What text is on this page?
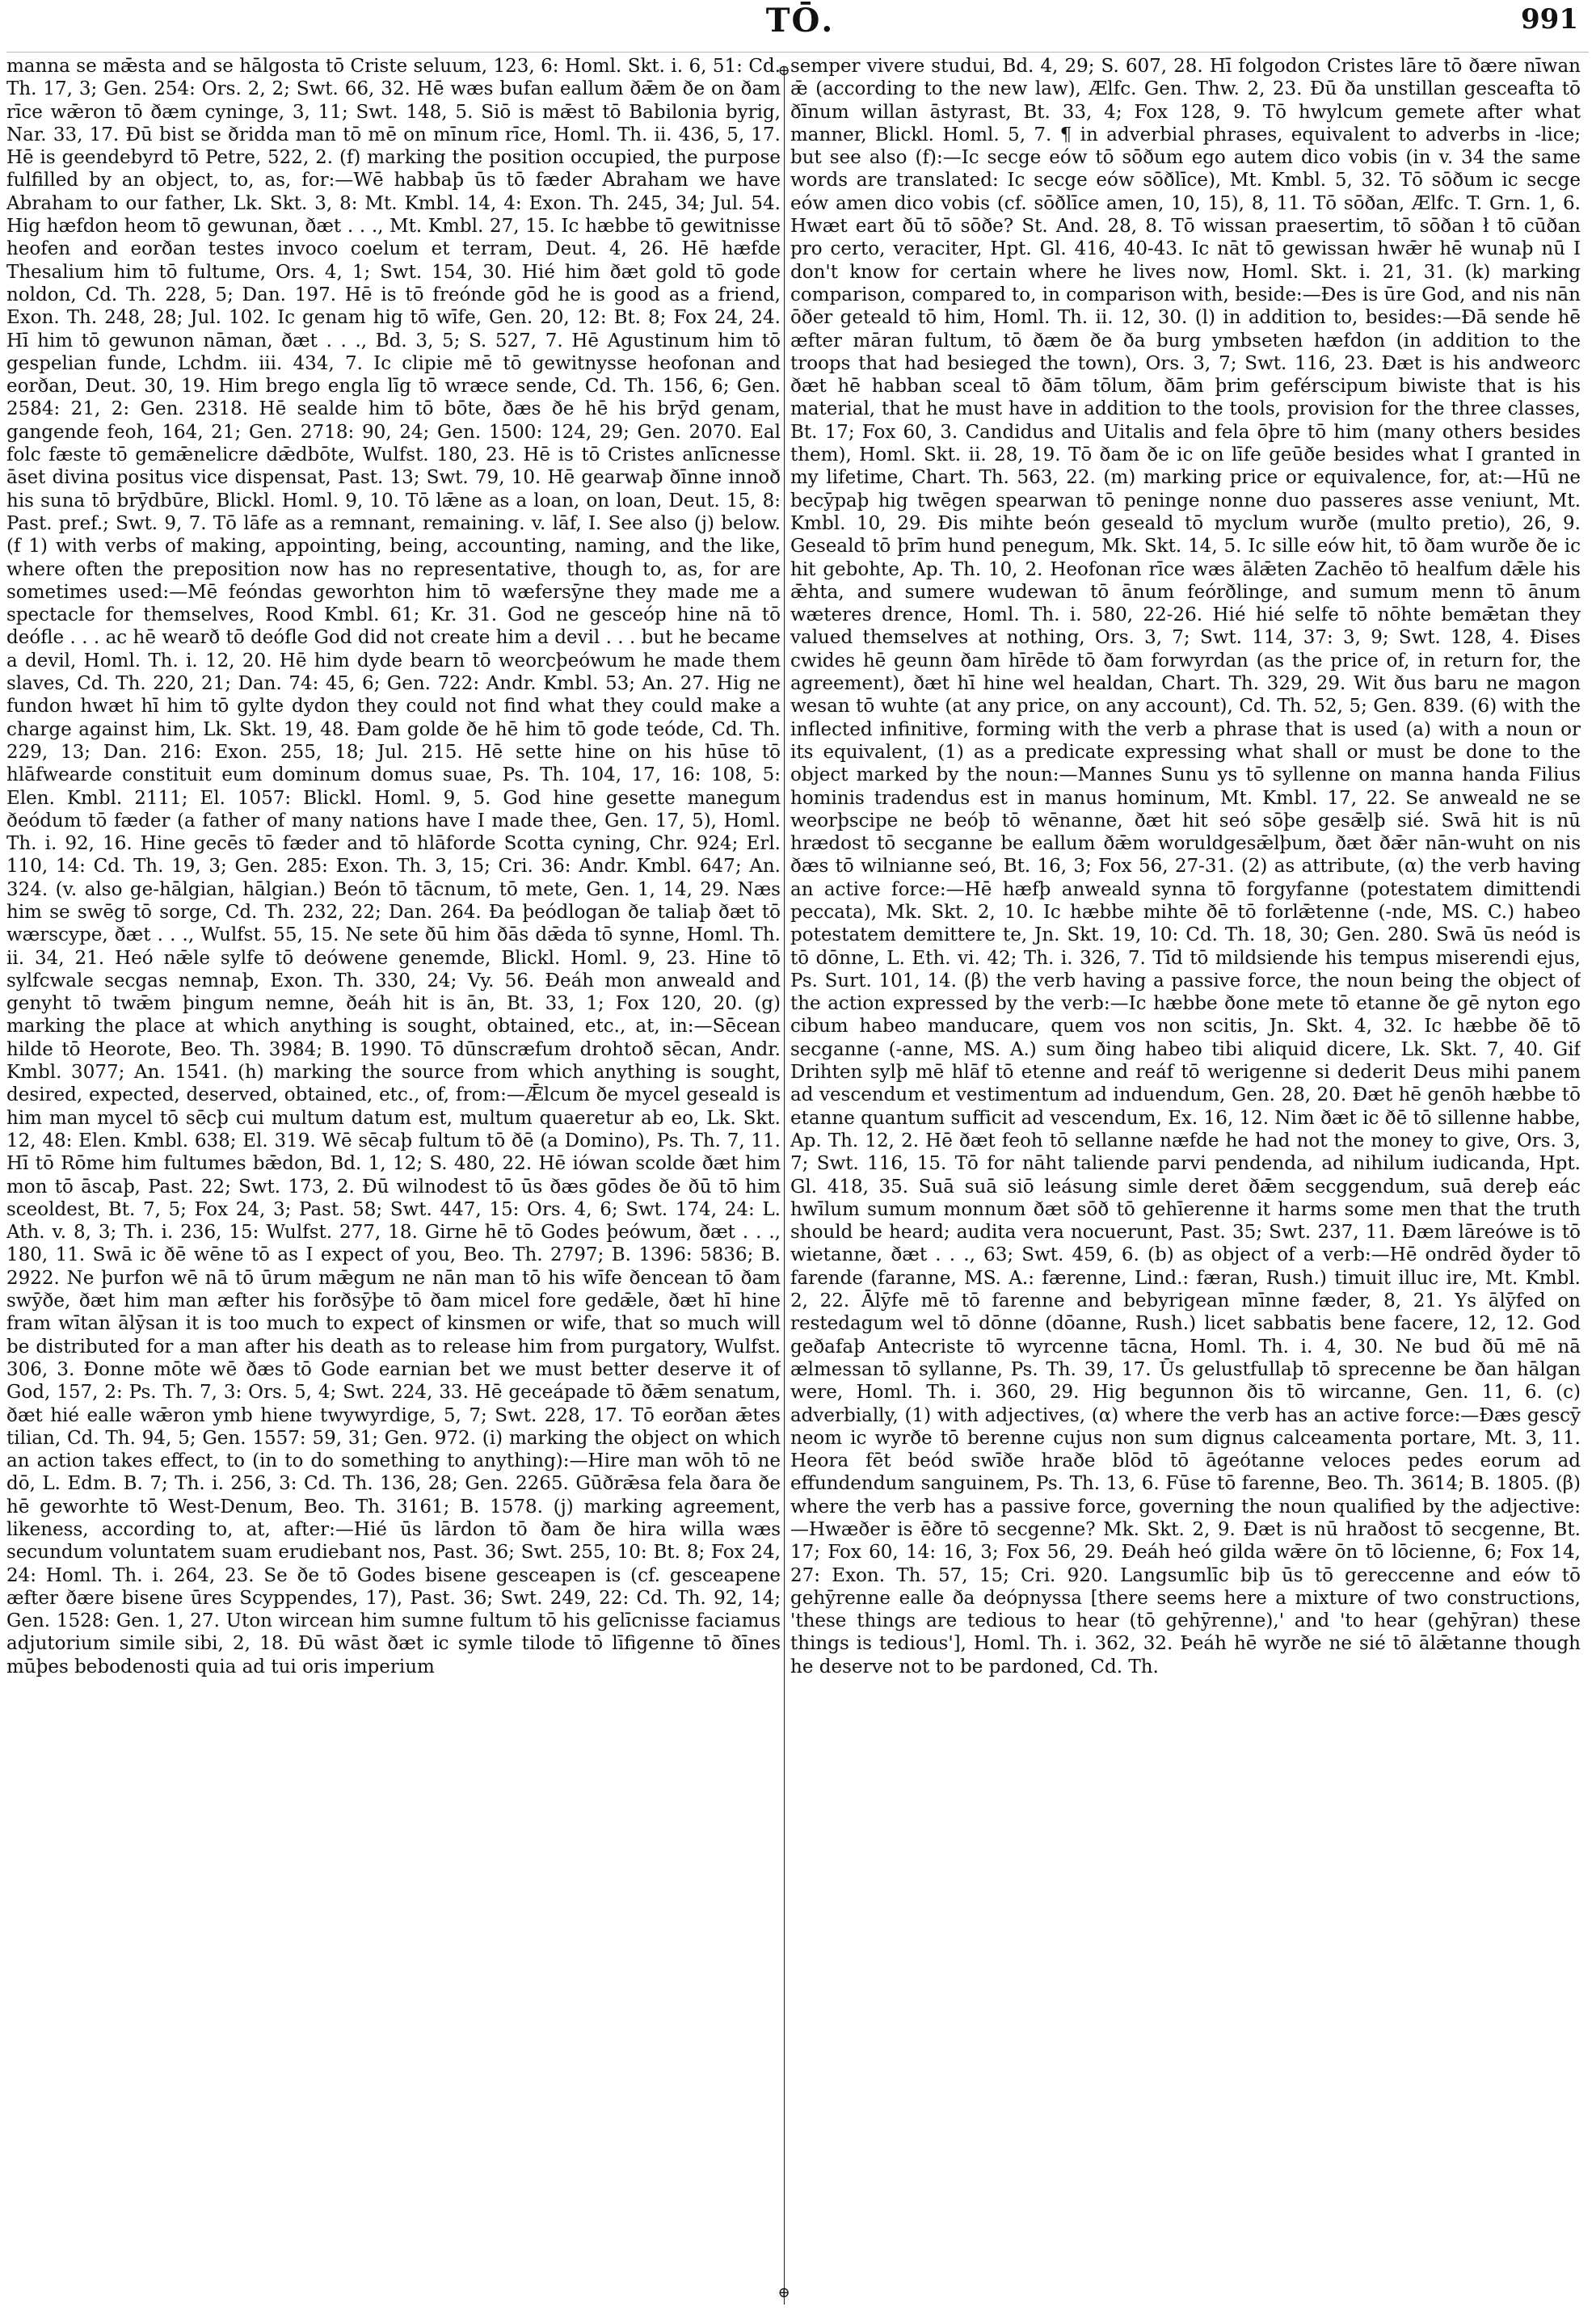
TŌ.	991

manna se mǣsta and se hālgosta tō Criste seluum, 123, 6: Homl. Skt. i. 6, 51: Cd. Th. 17, 3; Gen. 254: Ors. 2, 2; Swt. 66, 32. Hē wæs bufan eallum ðǣm ðe on ðam rīce wǣron tō ðæm cyninge, 3, 11; Swt. 148, 5. Siō is mǣst tō Babilonia byrig, Nar. 33, 17. Ðū bist se ðridda man tō mē on mīnum rīce, Homl. Th. ii. 436, 5, 17. Hē is geendebyrd tō Petre, 522, 2. (f) marking the position occupied, the purpose fulfilled by an object, to, as, for:—Wē habbaþ ūs tō fæder Abraham we have Abraham to our father, Lk. Skt. 3, 8: Mt. Kmbl. 14, 4: Exon. Th. 245, 34; Jul. 54. Hig hæfdon heom tō gewunan, ðæt . . ., Mt. Kmbl. 27, 15. Ic hæbbe tō gewitnisse heofen and eorðan testes invoco coelum et terram, Deut. 4, 26. Hē hæfde Thesalium him tō fultume, Ors. 4, 1; Swt. 154, 30. Hié him ðæt gold tō gode noldon, Cd. Th. 228, 5; Dan. 197. Hē is tō freónde gōd he is good as a friend, Exon. Th. 248, 28; Jul. 102. Ic genam hig tō wīfe, Gen. 20, 12: Bt. 8; Fox 24, 24. Hī him tō gewunon nāman, ðæt . . ., Bd. 3, 5; S. 527, 7. Hē Agustinum him tō gespelian funde, Lchdm. iii. 434, 7. Ic clipie mē tō gewitnysse heofonan and eorðan, Deut. 30, 19. Him brego engla līg tō wræce sende, Cd. Th. 156, 6; Gen. 2584: 21, 2: Gen. 2318. Hē sealde him tō bōte, ðæs ðe hē his brȳd genam, gangende feoh, 164, 21; Gen. 2718: 90, 24; Gen. 1500: 124, 29; Gen. 2070. Eal folc fæste tō gemǣnelicre dǣdbōte, Wulfst. 180, 23. Hē is tō Cristes anlīcnesse āset divina positus vice dispensat, Past. 13; Swt. 79, 10. Hē gearwaþ ðīnne innoð his suna tō brȳdbūre, Blickl. Homl. 9, 10. Tō lǣne as a loan, on loan, Deut. 15, 8: Past. pref.; Swt. 9, 7. Tō lāfe as a remnant, remaining. v. lāf, I. See also (j) below. (f 1) with verbs of making, appointing, being, accounting, naming, and the like, where often the preposition now has no representative, though to, as, for are sometimes used:—Mē feóndas geworhton him tō wæfersȳne they made me a spectacle for themselves, Rood Kmbl. 61; Kr. 31. God ne gesceóp hine nā tō deófle . . . ac hē wearð tō deófle God did not create him a devil . . . but he became a devil, Homl. Th. i. 12, 20. Hē him dyde bearn tō weorcþeówum he made them slaves, Cd. Th. 220, 21; Dan. 74: 45, 6; Gen. 722: Andr. Kmbl. 53; An. 27. Hig ne fundon hwæt hī him tō gylte dydon they could not find what they could make a charge against him, Lk. Skt. 19, 48. Ðam golde ðe hē him tō gode teóde, Cd. Th. 229, 13; Dan. 216: Exon. 255, 18; Jul. 215. Hē sette hine on his hūse tō hlāfwearde constituit eum dominum domus suae, Ps. Th. 104, 17, 16: 108, 5: Elen. Kmbl. 2111; El. 1057: Blickl. Homl. 9, 5. God hine gesette manegum ðeódum tō fæder (a father of many nations have I made thee, Gen. 17, 5), Homl. Th. i. 92, 16. Hine gecēs tō fæder and tō hlāforde Scotta cyning, Chr. 924; Erl. 110, 14: Cd. Th. 19, 3; Gen. 285: Exon. Th. 3, 15; Cri. 36: Andr. Kmbl. 647; An. 324. (v. also ge-hālgian, hālgian.) Beón tō tācnum, tō mete, Gen. 1, 14, 29. Næs him se swēg tō sorge, Cd. Th. 232, 22; Dan. 264. Ða þeódlogan ðe taliaþ ðæt tō wærscype, ðæt . . ., Wulfst. 55, 15. Ne sete ðū him ðās dǣda tō synne, Homl. Th. ii. 34, 21. Heó nǣle sylfe tō deówene genemde, Blickl. Homl. 9, 23. Hine tō sylfcwale secgas nemnaþ, Exon. Th. 330, 24; Vy. 56. Ðeáh mon anweald and genyht tō twǣm þingum nemne, ðeáh hit is ān, Bt. 33, 1; Fox 120, 20. (g) marking the place at which anything is sought, obtained, etc., at, in:—Sēcean hilde tō Heorote, Beo. Th. 3984; B. 1990. Tō dūnscræfum drohtoð sēcan, Andr. Kmbl. 3077; An. 1541. (h) marking the source from which anything is sought, desired, expected, deserved, obtained, etc., of, from:—Ǣlcum ðe mycel geseald is him man mycel tō sēcþ cui multum datum est, multum quaeretur ab eo, Lk. Skt. 12, 48: Elen. Kmbl. 638; El. 319. Wē sēcaþ fultum tō ðē (a Domino), Ps. Th. 7, 11. Hī tō Rōme him fultumes bǣdon, Bd. 1, 12; S. 480, 22. Hē iówan scolde ðæt him mon tō āscaþ, Past. 22; Swt. 173, 2. Ðū wilnodest tō ūs ðæs gōdes ðe ðū tō him sceoldest, Bt. 7, 5; Fox 24, 3; Past. 58; Swt. 447, 15: Ors. 4, 6; Swt. 174, 24: L. Ath. v. 8, 3; Th. i. 236, 15: Wulfst. 277, 18. Girne hē tō Godes þeówum, ðæt . . ., 180, 11. Swā ic ðē wēne tō as I expect of you, Beo. Th. 2797; B. 1396: 5836; B. 2922. Ne þurfon wē nā tō ūrum mǣgum ne nān man tō his wīfe ðencean tō ðam swȳðe, ðæt him man æfter his forðsȳþe tō ðam micel fore gedǣle, ðæt hī hine fram wītan ālȳsan it is too much to expect of kinsmen or wife, that so much will be distributed for a man after his death as to release him from purgatory, Wulfst. 306, 3. Ðonne mōte wē ðæs tō Gode earnian bet we must better deserve it of God, 157, 2: Ps. Th. 7, 3: Ors. 5, 4; Swt. 224, 33. Hē geceápade tō ðǣm senatum, ðæt hié ealle wǣron ymb hiene twywyrdige, 5, 7; Swt. 228, 17. Tō eorðan ǣtes tilian, Cd. Th. 94, 5; Gen. 1557: 59, 31; Gen. 972. (i) marking the object on which an action takes effect, to (in to do something to anything):—Hire man wōh tō ne dō, L. Edm. B. 7; Th. i. 256, 3: Cd. Th. 136, 28; Gen. 2265. Gūðrǣsa fela ðara ðe hē geworhte tō West-Denum, Beo. Th. 3161; B. 1578. (j) marking agreement, likeness, according to, at, after:—Hié ūs lārdon tō ðam ðe hira willa wæs secundum voluntatem suam erudiebant nos, Past. 36; Swt. 255, 10: Bt. 8; Fox 24, 24: Homl. Th. i. 264, 23. Se ðe tō Godes bisene gesceapen is (cf. gesceapene æfter ðære bisene ūres Scyppendes, 17), Past. 36; Swt. 249, 22: Cd. Th. 92, 14; Gen. 1528: Gen. 1, 27. Uton wircean him sumne fultum tō his gelīcnisse faciamus adjutorium simile sibi, 2, 18. Ðū wāst ðæt ic symle tilode tō līfigenne tō ðīnes mūþes bebodenosti quia ad tui oris imperium

⊕
⊕

semper vivere studui, Bd. 4, 29; S. 607, 28. Hī folgodon Cristes lāre tō ðære nīwan ǣ (according to the new law), Ælfc. Gen. Thw. 2, 23. Ðū ða unstillan gesceafta tō ðīnum willan āstyrast, Bt. 33, 4; Fox 128, 9. Tō hwylcum gemete after what manner, Blickl. Homl. 5, 7. ¶ in adverbial phrases, equivalent to adverbs in -lice; but see also (f):—Ic secge eów tō sōðum ego autem dico vobis (in v. 34 the same words are translated: Ic secge eów sōðlīce), Mt. Kmbl. 5, 32. Tō sōðum ic secge eów amen dico vobis (cf. sōðlīce amen, 10, 15), 8, 11. Tō sōðan, Ælfc. T. Grn. 1, 6. Hwæt eart ðū tō sōðe? St. And. 28, 8. Tō wissan praesertim, tō sōðan ł tō cūðan pro certo, veraciter, Hpt. Gl. 416, 40-43. Ic nāt tō gewissan hwǣr hē wunaþ nū I don't know for certain where he lives now, Homl. Skt. i. 21, 31. (k) marking comparison, compared to, in comparison with, beside:—Ðes is ūre God, and nis nān ōðer geteald tō him, Homl. Th. ii. 12, 30. (l) in addition to, besides:—Ðā sende hē æfter māran fultum, tō ðæm ðe ða burg ymbseten hæfdon (in addition to the troops that had besieged the town), Ors. 3, 7; Swt. 116, 23. Ðæt is his andweorc ðæt hē habban sceal tō ðām tōlum, ðām þrim geférscipum biwiste that is his material, that he must have in addition to the tools, provision for the three classes, Bt. 17; Fox 60, 3. Candidus and Uitalis and fela ōþre tō him (many others besides them), Homl. Skt. ii. 28, 19. Tō ðam ðe ic on līfe geūðe besides what I granted in my lifetime, Chart. Th. 563, 22. (m) marking price or equivalence, for, at:—Hū ne becȳpaþ hig twēgen spearwan tō peninge nonne duo passeres asse veniunt, Mt. Kmbl. 10, 29. Ðis mihte beón geseald tō myclum wurðe (multo pretio), 26, 9. Geseald tō þrīm hund penegum, Mk. Skt. 14, 5. Ic sille eów hit, tō ðam wurðe ðe ic hit gebohte, Ap. Th. 10, 2. Heofonan rīce wæs ālǣten Zachēo tō healfum dǣle his ǣhta, and sumere wudewan tō ānum feórðlinge, and sumum menn tō ānum wæteres drence, Homl. Th. i. 580, 22-26. Hié hié selfe tō nōhte bemǣtan they valued themselves at nothing, Ors. 3, 7; Swt. 114, 37: 3, 9; Swt. 128, 4. Ðises cwides hē geunn ðam hīrēde tō ðam forwyrdan (as the price of, in return for, the agreement), ðæt hī hine wel healdan, Chart. Th. 329, 29. Wit ðus baru ne magon wesan tō wuhte (at any price, on any account), Cd. Th. 52, 5; Gen. 839. (6) with the inflected infinitive, forming with the verb a phrase that is used (a) with a noun or its equivalent, (1) as a predicate expressing what shall or must be done to the object marked by the noun:—Mannes Sunu ys tō syllenne on manna handa Filius hominis tradendus est in manus hominum, Mt. Kmbl. 17, 22. Se anweald ne se weorþscipe ne beóþ tō wēnanne, ðæt hit seó sōþe gesǣlþ sié. Swā hit is nū hrædost tō secganne be eallum ðǣm woruldgesǣlþum, ðæt ðǣr nān-wuht on nis ðæs tō wilnianne seó, Bt. 16, 3; Fox 56, 27-31. (2) as attribute, (α) the verb having an active force:—Hē hæfþ anweald synna tō forgyfanne (potestatem dimittendi peccata), Mk. Skt. 2, 10. Ic hæbbe mihte ðē tō forlǣtenne (-nde, MS. C.) habeo potestatem demittere te, Jn. Skt. 19, 10: Cd. Th. 18, 30; Gen. 280. Swā ūs neód is tō dōnne, L. Eth. vi. 42; Th. i. 326, 7. Tīd tō mildsiende his tempus miserendi ejus, Ps. Surt. 101, 14. (β) the verb having a passive force, the noun being the object of the action expressed by the verb:—Ic hæbbe ðone mete tō etanne ðe gē nyton ego cibum habeo manducare, quem vos non scitis, Jn. Skt. 4, 32. Ic hæbbe ðē tō secganne (-anne, MS. A.) sum ðing habeo tibi aliquid dicere, Lk. Skt. 7, 40. Gif Drihten sylþ mē hlāf tō etenne and reáf tō werigenne si dederit Deus mihi panem ad vescendum et vestimentum ad induendum, Gen. 28, 20. Ðæt hē genōh hæbbe tō etanne quantum sufficit ad vescendum, Ex. 16, 12. Nim ðæt ic ðē tō sillenne habbe, Ap. Th. 12, 2. Hē ðæt feoh tō sellanne næfde he had not the money to give, Ors. 3, 7; Swt. 116, 15. Tō for nāht taliende parvi pendenda, ad nihilum iudicanda, Hpt. Gl. 418, 35. Suā suā siō leásung simle deret ðǣm secggendum, suā dereþ eác hwīlum sumum monnum ðæt sōð tō gehīerenne it harms some men that the truth should be heard; audita vera nocuerunt, Past. 35; Swt. 237, 11. Ðæm lāreówe is tō wietanne, ðæt . . ., 63; Swt. 459, 6. (b) as object of a verb:—Hē ondrēd ðyder tō farende (faranne, MS. A.: færenne, Lind.: færan, Rush.) timuit illuc ire, Mt. Kmbl. 2, 22. Ālȳfe mē tō farenne and bebyrigean mīnne fæder, 8, 21. Ys ālȳfed on restedagum wel tō dōnne (dōanne, Rush.) licet sabbatis bene facere, 12, 12. God geðafaþ Antecriste tō wyrcenne tācna, Homl. Th. i. 4, 30. Ne bud ðū mē nā ælmessan tō syllanne, Ps. Th. 39, 17. Ūs gelustfullaþ tō sprecenne be ðan hālgan were, Homl. Th. i. 360, 29. Hig begunnon ðis tō wircanne, Gen. 11, 6. (c) adverbially, (1) with adjectives, (α) where the verb has an active force:—Ðæs gescȳ neom ic wyrðe tō berenne cujus non sum dignus calceamenta portare, Mt. 3, 11. Heora fēt beód swīðe hraðe blōd tō āgeótanne veloces pedes eorum ad effundendum sanguinem, Ps. Th. 13, 6. Fūse tō farenne, Beo. Th. 3614; B. 1805. (β) where the verb has a passive force, governing the noun qualified by the adjective:—Hwæðer is ēðre tō secgenne? Mk. Skt. 2, 9. Ðæt is nū hraðost tō secgenne, Bt. 17; Fox 60, 14: 16, 3; Fox 56, 29. Ðeáh heó gilda wǣre ōn tō lōcienne, 6; Fox 14, 27: Exon. Th. 57, 15; Cri. 920. Langsumlīc biþ ūs tō gereccenne and eów tō gehȳrenne ealle ða deópnyssa [there seems here a mixture of two constructions, 'these things are tedious to hear (tō gehȳrenne),' and 'to hear (gehȳran) these things is tedious'], Homl. Th. i. 362, 32. Þeáh hē wyrðe ne sié tō ālǣtanne though he deserve not to be pardoned, Cd. Th.
